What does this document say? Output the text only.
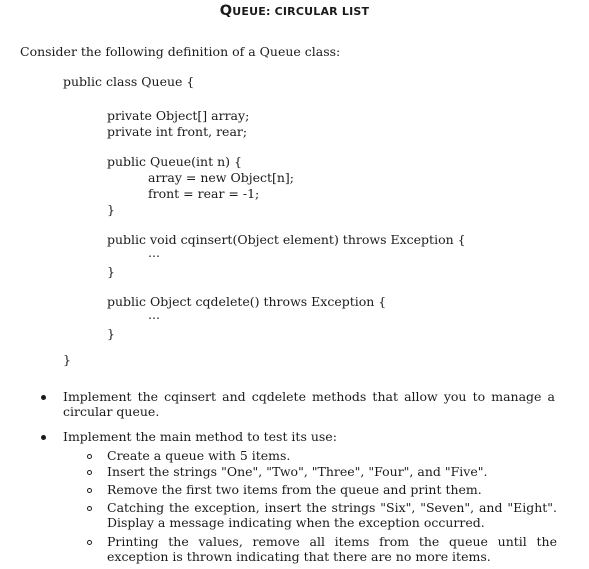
QUEUE: CIRCULAR LIST
Consider the following definition of a Queue class:
public class Queue {
private Object[] array;
private int front, rear;
public Queue(int n) {
array = new Object[n];
front = rear = -1;
}
public void cqinsert(Object element) throws Exception {
...
}
public Object cqdelete() throws Exception {
...
}
}
Implement the cqinsert and cqdelete methods that allow you to manage a circular queue.
Implement the main method to test its use:
Create a queue with 5 items.
Insert the strings "One", "Two", "Three", "Four", and "Five".
Remove the first two items from the queue and print them.
Catching the exception, insert the strings "Six", "Seven", and "Eight". Display a message indicating when the exception occurred.
Printing the values, remove all items from the queue until the exception is thrown indicating that there are no more items.
